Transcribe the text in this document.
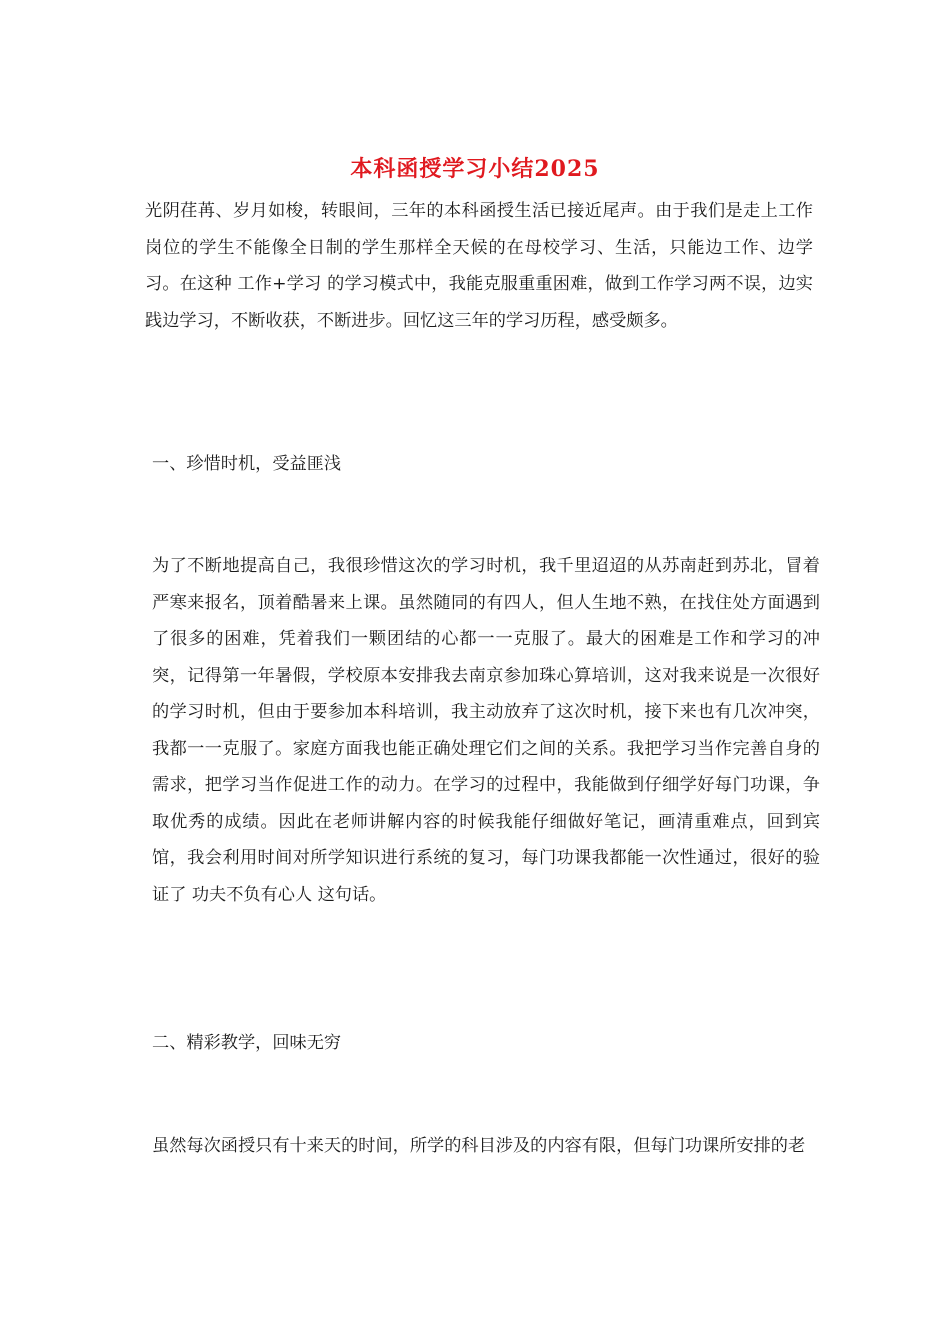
本科函授学习小结2025

光阴荏苒、岁月如梭，转眼间，三年的本科函授生活已接近尾声。由于我们是走上工作岗位的学生不能像全日制的学生那样全天候的在母校学习、生活，只能边工作、边学习。在这种 工作+学习 的学习模式中，我能克服重重困难，做到工作学习两不误，边实践边学习，不断收获，不断进步。回忆这三年的学习历程，感受颇多。

一、珍惜时机，受益匪浅

为了不断地提高自己，我很珍惜这次的学习时机，我千里迢迢的从苏南赶到苏北，冒着严寒来报名，顶着酷暑来上课。虽然随同的有四人，但人生地不熟，在找住处方面遇到了很多的困难，凭着我们一颗团结的心都一一克服了。最大的困难是工作和学习的冲突，记得第一年暑假，学校原本安排我去南京参加珠心算培训，这对我来说是一次很好的学习时机，但由于要参加本科培训，我主动放弃了这次时机，接下来也有几次冲突，我都一一克服了。家庭方面我也能正确处理它们之间的关系。我把学习当作完善自身的需求，把学习当作促进工作的动力。在学习的过程中，我能做到仔细学好每门功课，争取优秀的成绩。因此在老师讲解内容的时候我能仔细做好笔记，画清重难点，回到宾馆，我会利用时间对所学知识进行系统的复习，每门功课我都能一次性通过，很好的验证了 功夫不负有心人 这句话。

二、精彩教学，回味无穷

虽然每次函授只有十来天的时间，所学的科目涉及的内容有限，但每门功课所安排的老
